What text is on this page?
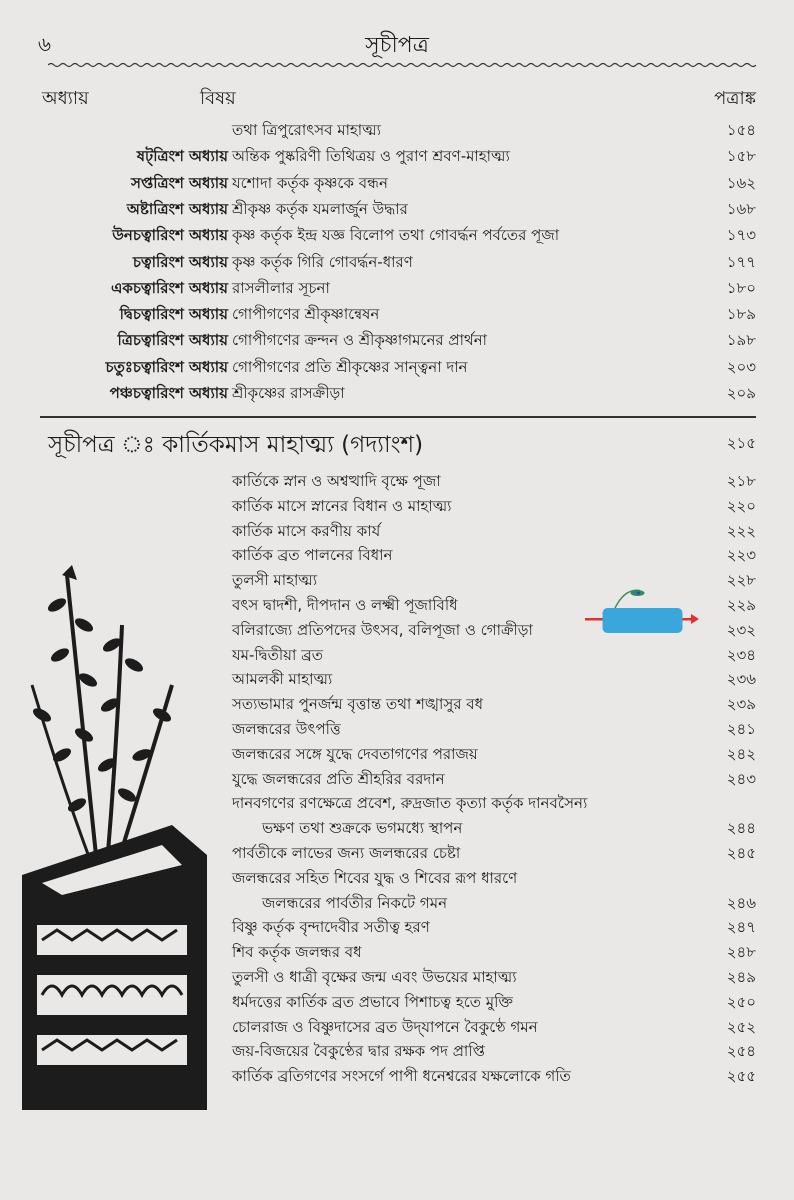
৬	সূচীপত্র
অধ্যায়	বিষয়	পত্রাঙ্ক
তথা ত্রিপুরোৎসব মাহাত্ম্য	১৫৪
ষট্‌ত্রিংশ অধ্যায় অন্তিক পুষ্করিণী তিথিত্রয় ও পুরাণ শ্রবণ-মাহাত্ম্য	১৫৮
সপ্তত্রিংশ অধ্যায় যশোদা কর্তৃক কৃষ্ণকে বন্ধন	১৬২
অষ্টাত্রিংশ অধ্যায় শ্রীকৃষ্ণ কর্তৃক যমলার্জুন উদ্ধার	১৬৮
উনচত্বারিংশ অধ্যায় কৃষ্ণ কর্তৃক ইন্দ্র যজ্ঞ বিলোপ তথা গোবর্দ্ধন পর্বতের পূজা	১৭৩
চত্বারিংশ অধ্যায় কৃষ্ণ কর্তৃক গিরি গোবর্দ্ধন-ধারণ	১৭৭
একচত্বারিংশ অধ্যায় রাসলীলার সূচনা	১৮০
দ্বিচত্বারিংশ অধ্যায় গোপীগণের শ্রীকৃষ্ণান্বেষন	১৮৯
ত্রিচত্বারিংশ অধ্যায় গোপীগণের ক্রন্দন ও শ্রীকৃষ্ণাগমনের প্রার্থনা	১৯৮
চতুঃচত্বারিংশ অধ্যায় গোপীগণের প্রতি শ্রীকৃষ্ণের সান্ত্বনা দান	২০৩
পঞ্চচত্বারিংশ অধ্যায় শ্রীকৃষ্ণের রাসক্রীড়া	২০৯
সূচীপত্র ঃ কার্তিকমাস মাহাত্ম্য (গদ্যাংশ)	২১৫
কার্তিকে স্নান ও অশ্বত্থাদি বৃক্ষে পূজা	২১৮
কার্তিক মাসে স্নানের বিধান ও মাহাত্ম্য	২২০
কার্তিক মাসে করণীয় কার্য	২২২
কার্তিক ব্রত পালনের বিধান	২২৩
তুলসী মাহাত্ম্য	২২৮
বৎস দ্বাদশী, দীপদান ও লক্ষ্মী পূজাবিধি	২২৯
বলিরাজ্যে প্রতিপদের উৎসব, বলিপূজা ও গোক্রীড়া	২৩২
যম-দ্বিতীয়া ব্রত	২৩৪
আমলকী মাহাত্ম্য	২৩৬
সত্যভামার পুনর্জন্ম বৃত্তান্ত তথা শঙ্খাসুর বধ	২৩৯
জলন্ধরের উৎপত্তি	২৪১
জলন্ধরের সঙ্গে যুদ্ধে দেবতাগণের পরাজয়	২৪২
যুদ্ধে জলন্ধরের প্রতি শ্রীহরির বরদান	২৪৩
দানবগণের রণক্ষেত্রে প্রবেশ, রুদ্রজাত কৃত্যা কর্তৃক দানবসৈন্য
ভক্ষণ তথা শুক্রকে ভগমধ্যে স্থাপন	২৪৪
পার্বতীকে লাভের জন্য জলন্ধরের চেষ্টা	২৪৫
জলন্ধরের সহিত শিবের যুদ্ধ ও শিবের রূপ ধারণে
জলন্ধরের পার্বতীর নিকটে গমন	২৪৬
বিষ্ণু কর্তৃক বৃন্দাদেবীর সতীত্ব হরণ	২৪৭
শিব কর্তৃক জলন্ধর বধ	২৪৮
তুলসী ও ধাত্রী বৃক্ষের জন্ম এবং উভয়ের মাহাত্ম্য	২৪৯
ধর্মদত্তের কার্তিক ব্রত প্রভাবে পিশাচত্ব হতে মুক্তি	২৫০
চোলরাজ ও বিষ্ণুদাসের ব্রত উদ্‌যাপনে বৈকুণ্ঠে গমন	২৫২
জয়-বিজয়ের বৈকুণ্ঠের দ্বার রক্ষক পদ প্রাপ্তি	২৫৪
কার্তিক ব্রতিগণের সংসর্গে পাপী ধনেশ্বরের যক্ষলোকে গতি	২৫৫
